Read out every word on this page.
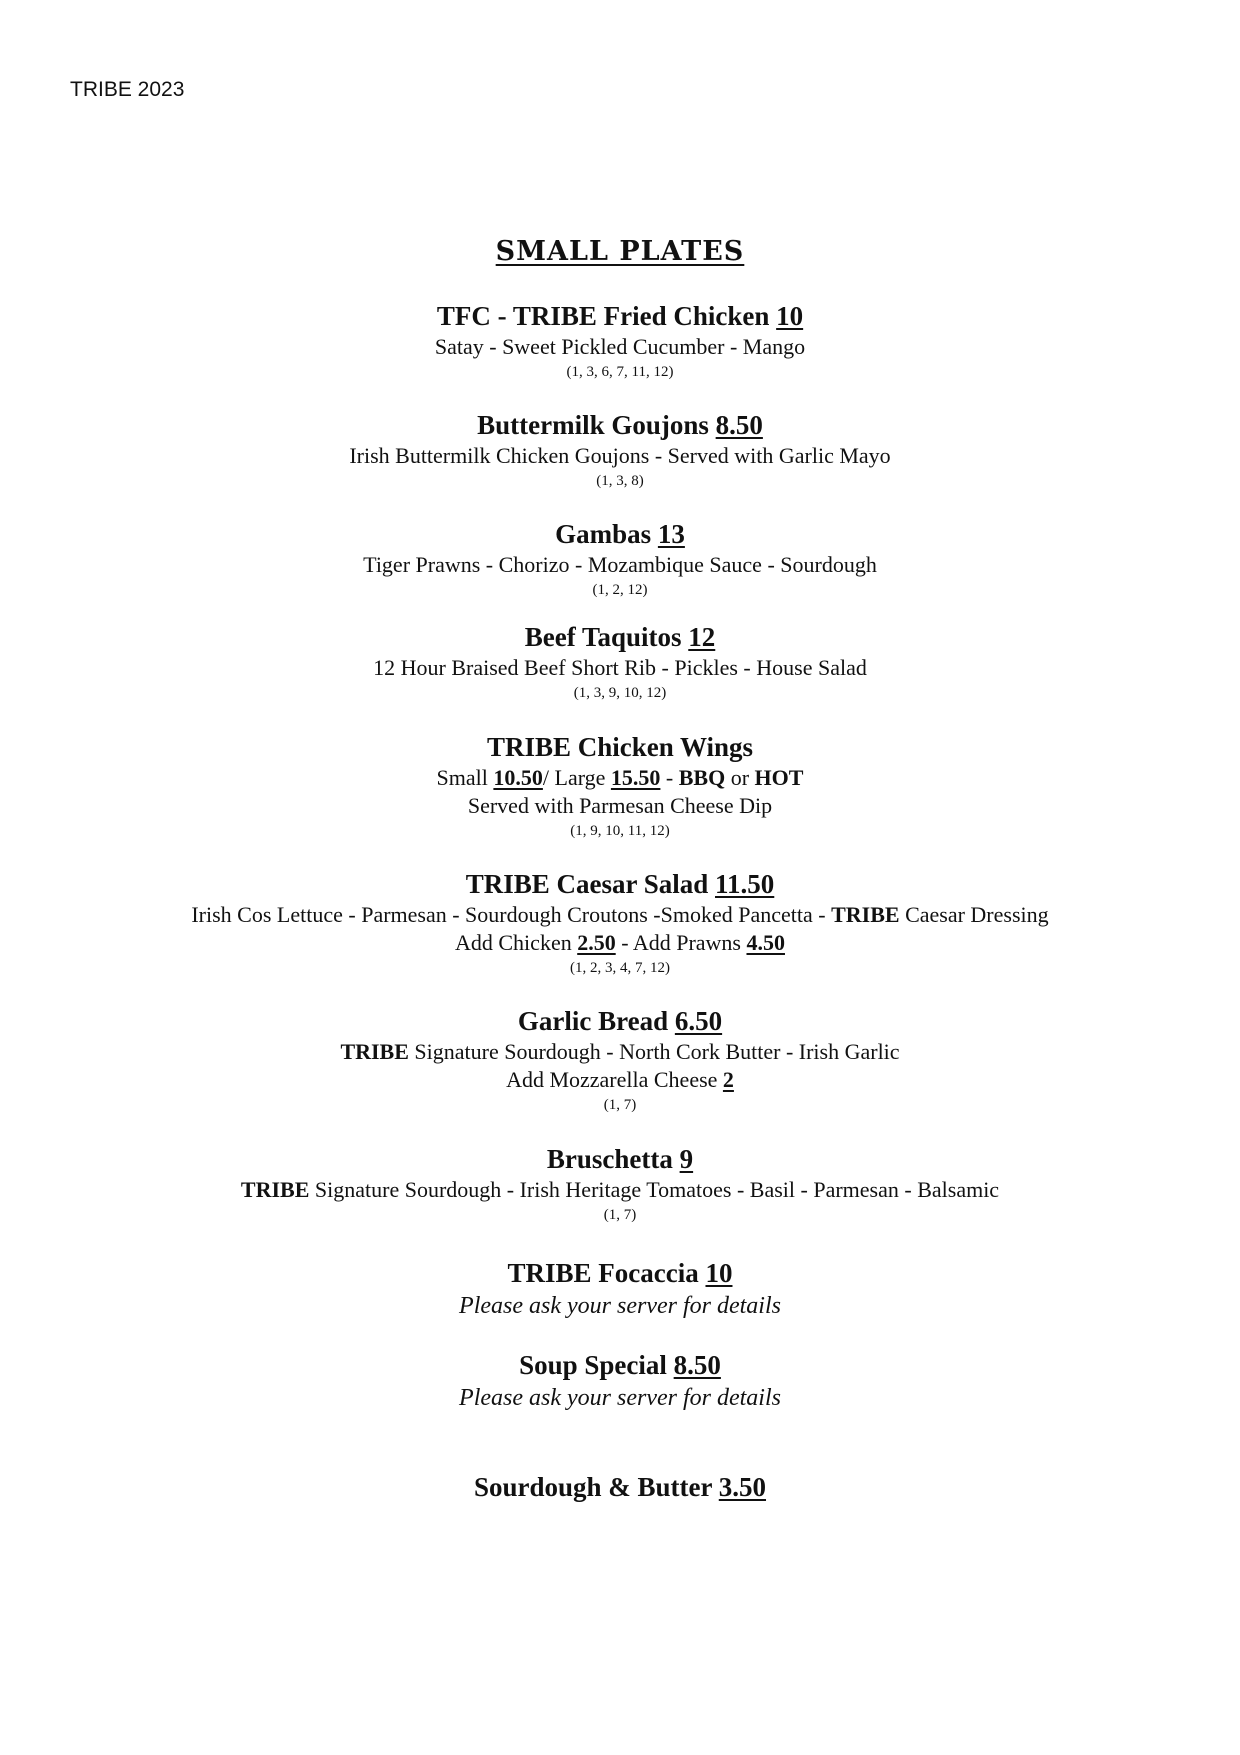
TRIBE 2023
SMALL PLATES
TFC - TRIBE Fried Chicken 10
Satay - Sweet Pickled Cucumber - Mango
(1, 3, 6, 7, 11, 12)
Buttermilk Goujons 8.50
Irish Buttermilk Chicken Goujons - Served with Garlic Mayo
(1, 3, 8)
Gambas 13
Tiger Prawns - Chorizo - Mozambique Sauce - Sourdough
(1, 2, 12)
Beef Taquitos 12
12 Hour Braised Beef Short Rib - Pickles - House Salad
(1, 3, 9, 10, 12)
TRIBE Chicken Wings
Small 10.50/ Large 15.50 - BBQ or HOT
Served with Parmesan Cheese Dip
(1, 9, 10, 11, 12)
TRIBE Caesar Salad 11.50
Irish Cos Lettuce - Parmesan - Sourdough Croutons -Smoked Pancetta - TRIBE Caesar Dressing
Add Chicken 2.50 - Add Prawns 4.50
(1, 2, 3, 4, 7, 12)
Garlic Bread 6.50
TRIBE Signature Sourdough - North Cork Butter - Irish Garlic
Add Mozzarella Cheese 2
(1, 7)
Bruschetta 9
TRIBE Signature Sourdough - Irish Heritage Tomatoes - Basil - Parmesan - Balsamic
(1, 7)
TRIBE Focaccia 10
Please ask your server for details
Soup Special 8.50
Please ask your server for details
Sourdough & Butter 3.50
